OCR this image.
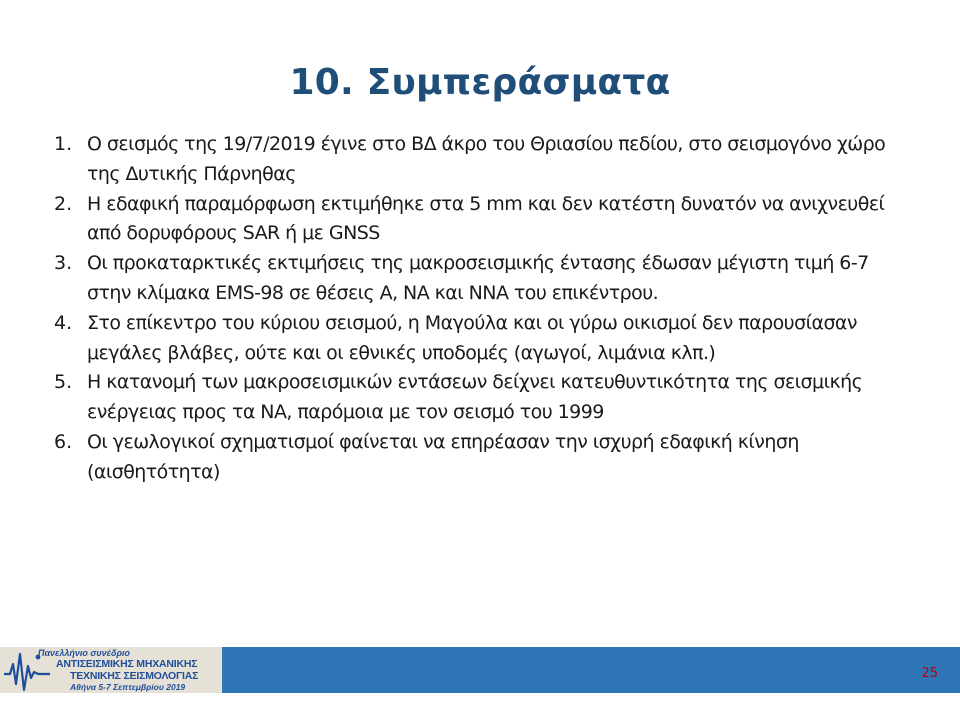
10. Συμπεράσματα
1. Ο σεισμός της 19/7/2019 έγινε στο ΒΔ άκρο του Θριασίου πεδίου, στο σεισμογόνο χώρο της Δυτικής Πάρνηθας
2. Η εδαφική παραμόρφωση εκτιμήθηκε στα 5 mm και δεν κατέστη δυνατόν να ανιχνευθεί από δορυφόρους SAR ή με GNSS
3. Οι προκαταρκτικές εκτιμήσεις της μακροσεισμικής έντασης έδωσαν μέγιστη τιμή 6-7 στην κλίμακα EMS-98 σε θέσεις Α, ΝΑ και ΝΝΑ του επικέντρου.
4. Στο επίκεντρο του κύριου σεισμού, η Μαγούλα και οι γύρω οικισμοί δεν παρουσίασαν μεγάλες βλάβες, ούτε και οι εθνικές υποδομές (αγωγοί, λιμάνια κλπ.)
5. Η κατανομή των μακροσεισμικών εντάσεων δείχνει κατευθυντικότητα της σεισμικής ενέργειας προς τα ΝΑ, παρόμοια με τον σεισμό του 1999
6. Οι γεωλογικοί σχηματισμοί φαίνεται να επηρέασαν την ισχυρή εδαφική κίνηση (αισθητότητα)
Πανελλήνιο συνέδριο
ΑΝΤΙΣΕΙΣΜΙΚΗΣ ΜΗΧΑΝΙΚΗΣ
ΤΕΧΝΙΚΗΣ ΣΕΙΣΜΟΛΟΓΙΑΣ
Αθήνα 5-7 Σεπτεμβρίου 2019
25
